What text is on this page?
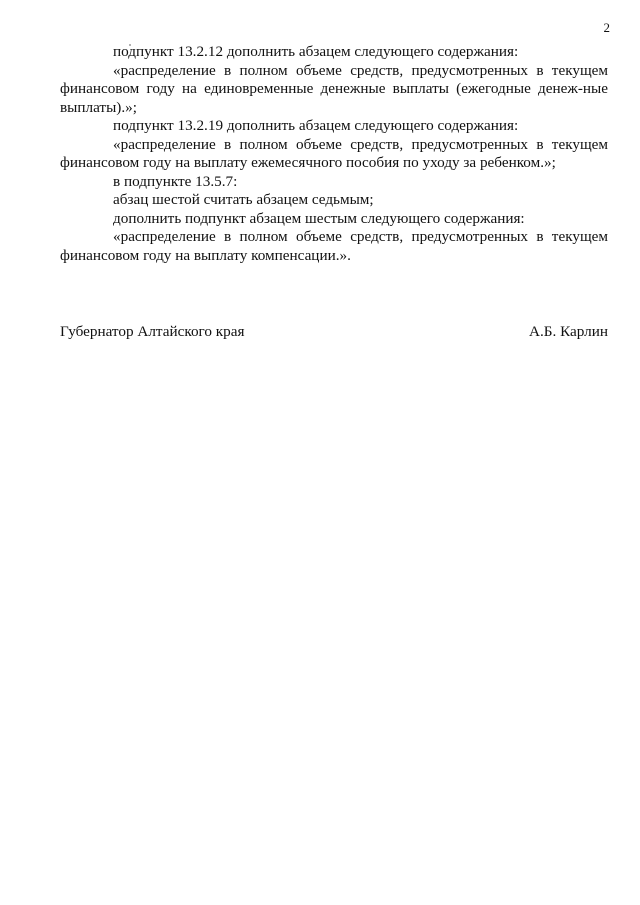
2

подпункт 13.2.12 дополнить абзацем следующего содержания:

«распределение в полном объеме средств, предусмотренных в текущем финансовом году на единовременные денежные выплаты (ежегодные денеж-ные выплаты).»;

подпункт 13.2.19 дополнить абзацем следующего содержания:

«распределение в полном объеме средств, предусмотренных в текущем финансовом году на выплату ежемесячного пособия по уходу за ребенком.»;

в подпункте 13.5.7:

абзац шестой считать абзацем седьмым;

дополнить подпункт абзацем шестым следующего содержания:

«распределение в полном объеме средств, предусмотренных в текущем финансовом году на выплату компенсации.».

Губернатор Алтайского края	А.Б. Карлин
